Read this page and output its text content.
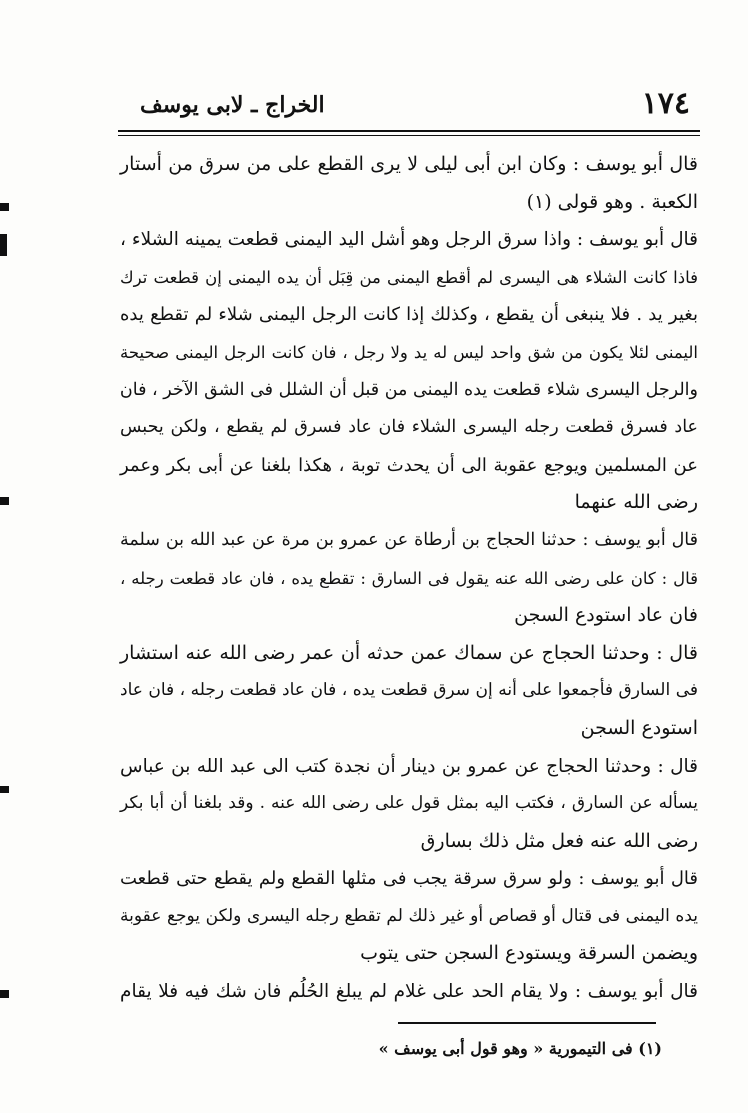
١٧٤
الخراج ـ لابى يوسف

قال أبو يوسف : وكان ابن أبى ليلى لا يرى القطع على من سرق من أستار
الكعبة . وهو قولى (١)

قال أبو يوسف : واذا سرق الرجل وهو أشل اليد اليمنى قطعت يمينه الشلاء ،
فاذا كانت الشلاء هى اليسرى لم أقطع اليمنى من قِبَل أن يده اليمنى إن قطعت ترك
بغير يد . فلا ينبغى أن يقطع ، وكذلك إذا كانت الرجل اليمنى شلاء لم تقطع يده
اليمنى لئلا يكون من شق واحد ليس له يد ولا رجل ، فان كانت الرجل اليمنى صحيحة
والرجل اليسرى شلاء قطعت يده اليمنى من قبل أن الشلل فى الشق الآخر ، فان
عاد فسرق قطعت رجله اليسرى الشلاء فان عاد فسرق لم يقطع ، ولكن يحبس
عن المسلمين ويوجع عقوبة الى أن يحدث توبة ، هكذا بلغنا عن أبى بكر وعمر
رضى الله عنهما

قال أبو يوسف : حدثنا الحجاج بن أرطاة عن عمرو بن مرة عن عبد الله بن سلمة
قال : كان على رضى الله عنه يقول فى السارق : تقطع يده ، فان عاد قطعت رجله ،
فان عاد استودع السجن

قال : وحدثنا الحجاج عن سماك عمن حدثه أن عمر رضى الله عنه استشار
فى السارق فأجمعوا على أنه إن سرق قطعت يده ، فان عاد قطعت رجله ، فان عاد
استودع السجن

قال : وحدثنا الحجاج عن عمرو بن دينار أن نجدة كتب الى عبد الله بن عباس
يسأله عن السارق ، فكتب اليه بمثل قول على رضى الله عنه . وقد بلغنا أن أبا بكر
رضى الله عنه فعل مثل ذلك بسارق

قال أبو يوسف : ولو سرق سرقة يجب فى مثلها القطع ولم يقطع حتى قطعت
يده اليمنى فى قتال أو قصاص أو غير ذلك لم تقطع رجله اليسرى ولكن يوجع عقوبة
ويضمن السرقة ويستودع السجن حتى يتوب

قال أبو يوسف : ولا يقام الحد على غلام لم يبلغ الحُلُم فان شك فيه فلا يقام

(١) فى التيمورية « وهو قول أبى يوسف »
